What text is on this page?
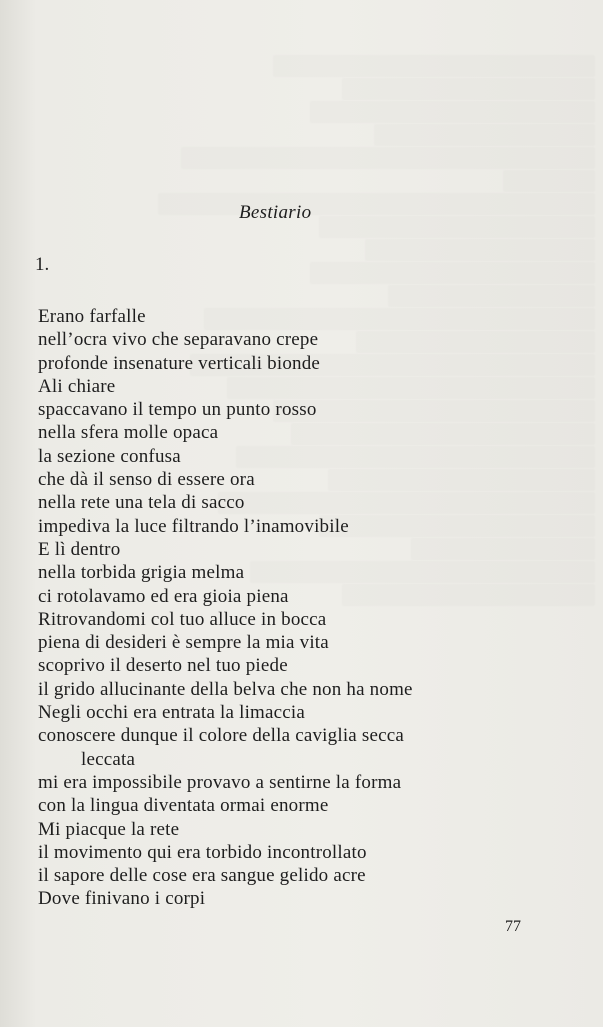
Bestiario
1.
Erano farfalle
nell’ocra vivo che separavano crepe
profonde insenature verticali bionde
Ali chiare
spaccavano il tempo un punto rosso
nella sfera molle opaca
la sezione confusa
che dà il senso di essere ora
nella rete una tela di sacco
impediva la luce filtrando l’inamovibile
E lì dentro
nella torbida grigia melma
ci rotolavamo ed era gioia piena
Ritrovandomi col tuo alluce in bocca
piena di desideri è sempre la mia vita
scoprivo il deserto nel tuo piede
il grido allucinante della belva che non ha nome
Negli occhi era entrata la limaccia
conoscere dunque il colore della caviglia secca
leccata
mi era impossibile provavo a sentirne la forma
con la lingua diventata ormai enorme
Mi piacque la rete
il movimento qui era torbido incontrollato
il sapore delle cose era sangue gelido acre
Dove finivano i corpi
77
